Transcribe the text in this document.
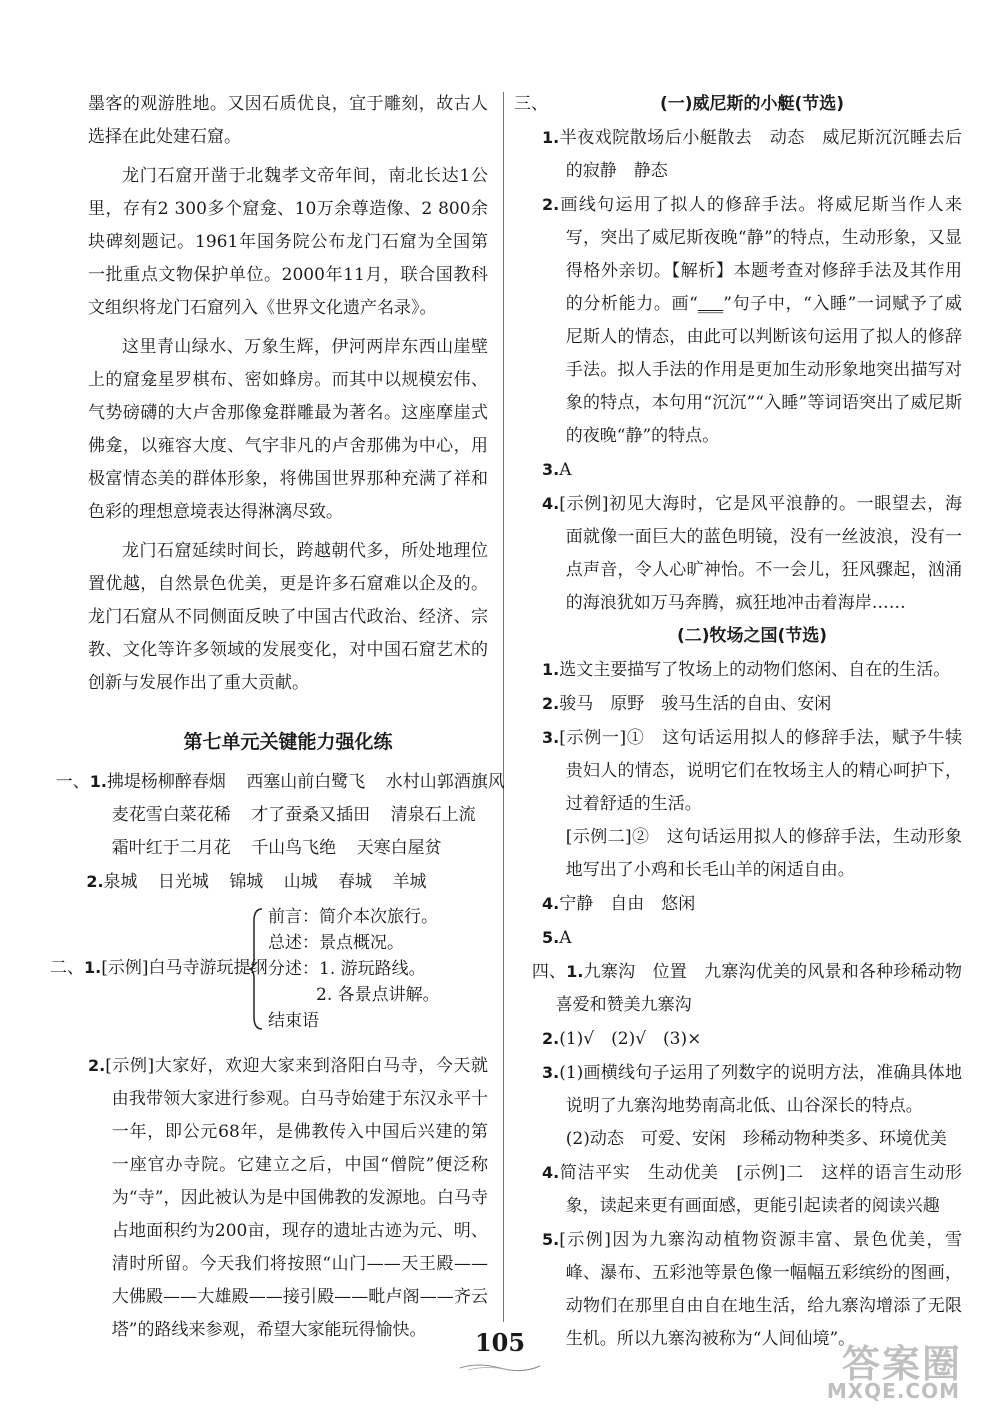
墨客的观游胜地。又因石质优良，宜于雕刻，故古人选择在此处建石窟。

龙门石窟开凿于北魏孝文帝年间，南北长达1公里，存有2 300多个窟龛、10万余尊造像、2 800余块碑刻题记。1961年国务院公布龙门石窟为全国第一批重点文物保护单位。2000年11月，联合国教科文组织将龙门石窟列入《世界文化遗产名录》。

这里青山绿水、万象生辉，伊河两岸东西山崖壁上的窟龛星罗棋布、密如蜂房。而其中以规模宏伟、气势磅礴的大卢舍那像龛群雕最为著名。这座摩崖式佛龛，以雍容大度、气宇非凡的卢舍那佛为中心，用极富情态美的群体形象，将佛国世界那种充满了祥和色彩的理想意境表达得淋漓尽致。

龙门石窟延续时间长，跨越朝代多，所处地理位置优越，自然景色优美，更是许多石窟难以企及的。龙门石窟从不同侧面反映了中国古代政治、经济、宗教、文化等许多领域的发展变化，对中国石窟艺术的创新与发展作出了重大贡献。

第七单元关键能力强化练

一、1.拂堤杨柳醉春烟 西塞山前白鹭飞 水村山郭酒旗风

麦花雪白菜花稀 才了蚕桑又插田 清泉石上流

霜叶红于二月花 千山鸟飞绝 天寒白屋贫

2.泉城 日光城 锦城 山城 春城 羊城

二、1.[示例]白马寺游玩提纲
前言：简介本次旅行。
总述：景点概况。
分述：1. 游玩路线。
2. 各景点讲解。
结束语

2.[示例]大家好，欢迎大家来到洛阳白马寺，今天就由我带领大家进行参观。白马寺始建于东汉永平十一年，即公元68年，是佛教传入中国后兴建的第一座官办寺院。它建立之后，中国“僧院”便泛称为“寺”，因此被认为是中国佛教的发源地。白马寺占地面积约为200亩，现存的遗址古迹为元、明、清时所留。今天我们将按照“山门——天王殿——大佛殿——大雄殿——接引殿——毗卢阁——齐云塔”的路线来参观，希望大家能玩得愉快。

三、	(一)威尼斯的小艇(节选)

1.半夜戏院散场后小艇散去　动态　威尼斯沉沉睡去后的寂静　静态

2.画线句运用了拟人的修辞手法。将威尼斯当作人来写，突出了威尼斯夜晚“静”的特点，生动形象，又显得格外亲切。【解析】本题考查对修辞手法及其作用的分析能力。画“___”句子中，“入睡”一词赋予了威尼斯人的情态，由此可以判断该句运用了拟人的修辞手法。拟人手法的作用是更加生动形象地突出描写对象的特点，本句用“沉沉”“入睡”等词语突出了威尼斯的夜晚“静”的特点。

3.A

4.[示例]初见大海时，它是风平浪静的。一眼望去，海面就像一面巨大的蓝色明镜，没有一丝波浪，没有一点声音，令人心旷神怡。不一会儿，狂风骤起，汹涌的海浪犹如万马奔腾，疯狂地冲击着海岸……

(二)牧场之国(节选)

1.选文主要描写了牧场上的动物们悠闲、自在的生活。

2.骏马　原野　骏马生活的自由、安闲

3.[示例一]①　这句话运用拟人的修辞手法，赋予牛犊贵妇人的情态，说明它们在牧场主人的精心呵护下，过着舒适的生活。

[示例二]②　这句话运用拟人的修辞手法，生动形象地写出了小鸡和长毛山羊的闲适自由。

4.宁静　自由　悠闲

5.A

四、1.九寨沟　位置　九寨沟优美的风景和各种珍稀动物　喜爱和赞美九寨沟

2.(1)√　(2)√　(3)×

3.(1)画横线句子运用了列数字的说明方法，准确具体地说明了九寨沟地势南高北低、山谷深长的特点。

(2)动态　可爱、安闲　珍稀动物种类多、环境优美

4.简洁平实　生动优美　[示例]二　这样的语言生动形象，读起来更有画面感，更能引起读者的阅读兴趣

5.[示例]因为九寨沟动植物资源丰富、景色优美，雪峰、瀑布、五彩池等景色像一幅幅五彩缤纷的图画，动物们在那里自由自在地生活，给九寨沟增添了无限生机。所以九寨沟被称为“人间仙境”。

105	答案圈
MXQE.COM
